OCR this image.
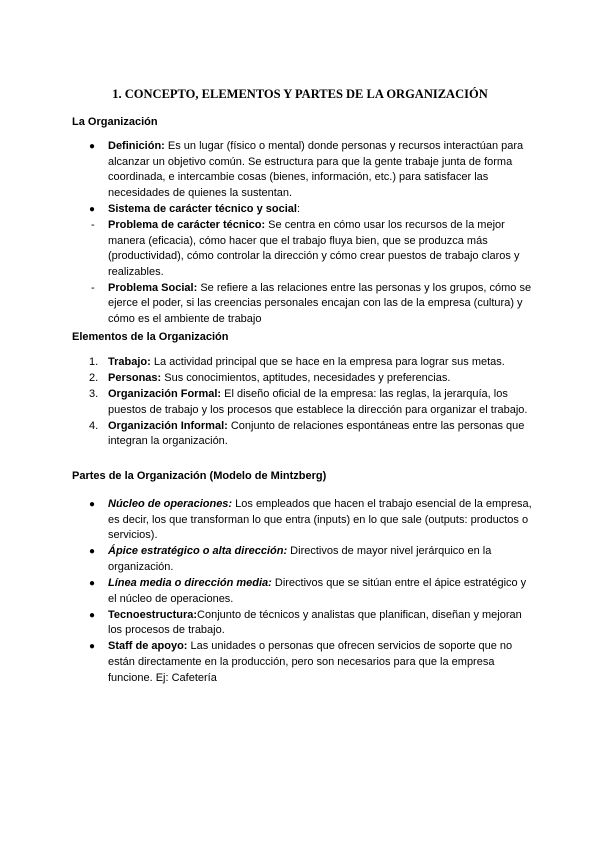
1. CONCEPTO, ELEMENTOS Y PARTES DE LA ORGANIZACIÓN
La Organización
● Definición: Es un lugar (físico o mental) donde personas y recursos interactúan para alcanzar un objetivo común. Se estructura para que la gente trabaje junta de forma coordinada, e intercambie cosas (bienes, información, etc.) para satisfacer las necesidades de quienes la sustentan.
● Sistema de carácter técnico y social:
- Problema de carácter técnico: Se centra en cómo usar los recursos de la mejor manera (eficacia), cómo hacer que el trabajo fluya bien, que se produzca más (productividad), cómo controlar la dirección y cómo crear puestos de trabajo claros y realizables.
- Problema Social: Se refiere a las relaciones entre las personas y los grupos, cómo se ejerce el poder, si las creencias personales encajan con las de la empresa (cultura) y cómo es el ambiente de trabajo
Elementos de la Organización
1. Trabajo: La actividad principal que se hace en la empresa para lograr sus metas.
2. Personas: Sus conocimientos, aptitudes, necesidades y preferencias.
3. Organización Formal: El diseño oficial de la empresa: las reglas, la jerarquía, los puestos de trabajo y los procesos que establece la dirección para organizar el trabajo.
4. Organización Informal: Conjunto de relaciones espontáneas entre las personas que integran la organización.
Partes de la Organización (Modelo de Mintzberg)
● Núcleo de operaciones: Los empleados que hacen el trabajo esencial de la empresa, es decir, los que transforman lo que entra (inputs) en lo que sale (outputs: productos o servicios).
● Ápice estratégico o alta dirección: Directivos de mayor nivel jerárquico en la organización.
● Línea media o dirección media: Directivos que se sitúan entre el ápice estratégico y el núcleo de operaciones.
● Tecnoestructura:Conjunto de técnicos y analistas que planifican, diseñan y mejoran los procesos de trabajo.
● Staff de apoyo: Las unidades o personas que ofrecen servicios de soporte que no están directamente en la producción, pero son necesarios para que la empresa funcione. Ej: Cafetería
